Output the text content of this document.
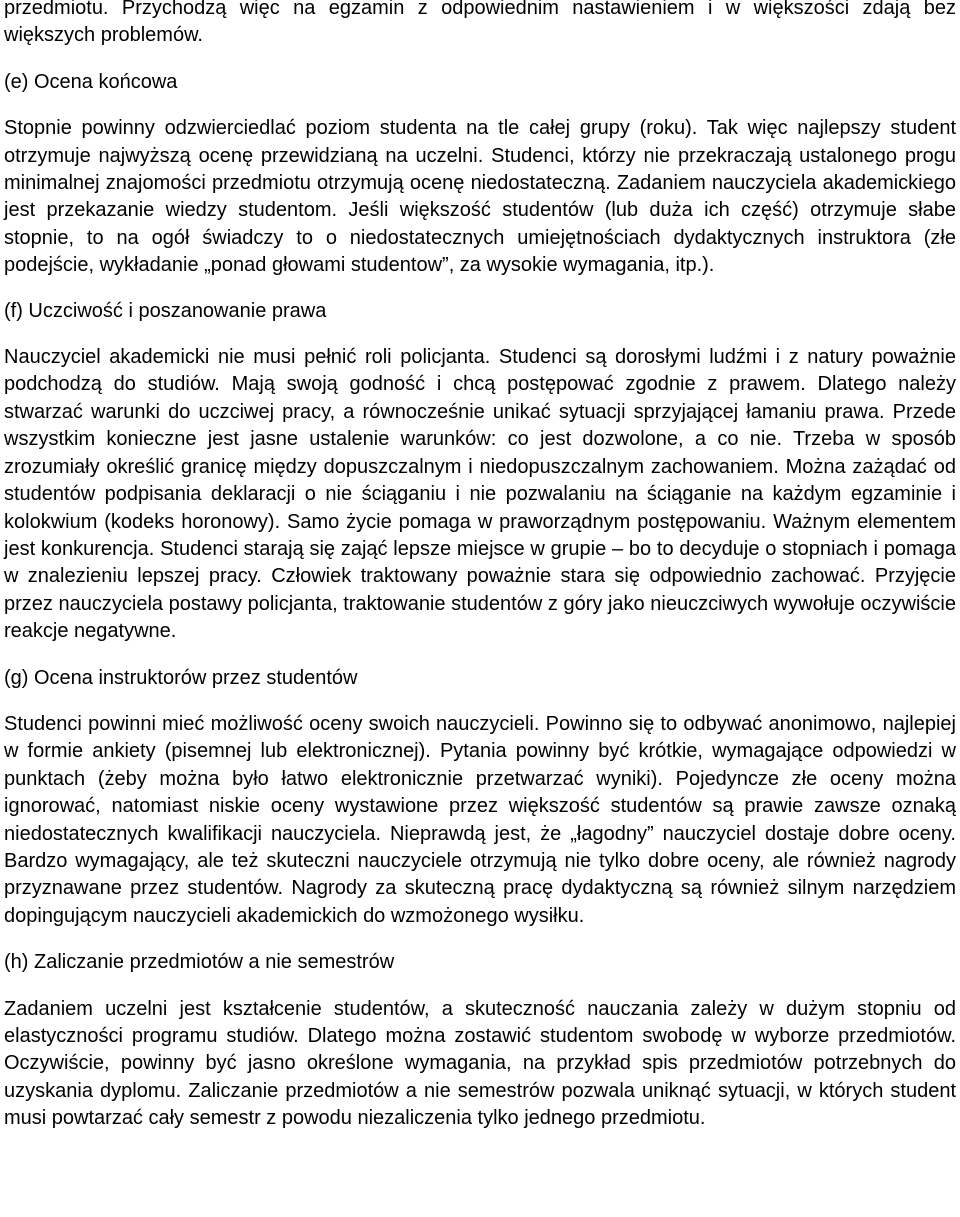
przedmiotu. Przychodzą więc na egzamin z odpowiednim nastawieniem i w większości zdają bez większych problemów.

(e) Ocena końcowa

Stopnie powinny odzwierciedlać poziom studenta na tle całej grupy (roku). Tak więc najlepszy student otrzymuje najwyższą ocenę przewidzianą na uczelni. Studenci, którzy nie przekraczają ustalonego progu minimalnej znajomości przedmiotu otrzymują ocenę niedostateczną. Zadaniem nauczyciela akademickiego jest przekazanie wiedzy studentom. Jeśli większość studentów (lub duża ich część) otrzymuje słabe stopnie, to na ogół świadczy to o niedostatecznych umiejętnościach dydaktycznych instruktora (złe podejście, wykładanie „ponad głowami studentow”, za wysokie wymagania, itp.).

(f) Uczciwość i poszanowanie prawa

Nauczyciel akademicki nie musi pełnić roli policjanta. Studenci są dorosłymi ludźmi i z natury poważnie podchodzą do studiów. Mają swoją godność i chcą postępować zgodnie z prawem. Dlatego należy stwarzać warunki do uczciwej pracy, a równocześnie unikać sytuacji sprzyjającej łamaniu prawa. Przede wszystkim konieczne jest jasne ustalenie warunków: co jest dozwolone, a co nie. Trzeba w sposób zrozumiały określić granicę między dopuszczalnym i niedopuszczalnym zachowaniem. Można zażądać od studentów podpisania deklaracji o nie ściąganiu i nie pozwalaniu na ściąganie na każdym egzaminie i kolokwium (kodeks horonowy). Samo życie pomaga w praworządnym postępowaniu. Ważnym elementem jest konkurencja. Studenci starają się zająć lepsze miejsce w grupie – bo to decyduje o stopniach i pomaga w znalezieniu lepszej pracy. Człowiek traktowany poważnie stara się odpowiednio zachować. Przyjęcie przez nauczyciela postawy policjanta, traktowanie studentów z góry jako nieuczciwych wywołuje oczywiście reakcje negatywne.

(g) Ocena instruktorów przez studentów

Studenci powinni mieć możliwość oceny swoich nauczycieli. Powinno się to odbywać anonimowo, najlepiej w formie ankiety (pisemnej lub elektronicznej). Pytania powinny być krótkie, wymagające odpowiedzi w punktach (żeby można było łatwo elektronicznie przetwarzać wyniki). Pojedyncze złe oceny można ignorować, natomiast niskie oceny wystawione przez większość studentów są prawie zawsze oznaką niedostatecznych kwalifikacji nauczyciela. Nieprawdą jest, że „łagodny” nauczyciel dostaje dobre oceny. Bardzo wymagający, ale też skuteczni nauczyciele otrzymują nie tylko dobre oceny, ale również nagrody przyznawane przez studentów. Nagrody za skuteczną pracę dydaktyczną są również silnym narzędziem dopingującym nauczycieli akademickich do wzmożonego wysiłku.

(h) Zaliczanie przedmiotów a nie semestrów

Zadaniem uczelni jest kształcenie studentów, a skuteczność nauczania zależy w dużym stopniu od elastyczności programu studiów. Dlatego można zostawić studentom swobodę w wyborze przedmiotów. Oczywiście, powinny być jasno określone wymagania, na przykład spis przedmiotów potrzebnych do uzyskania dyplomu. Zaliczanie przedmiotów a nie semestrów pozwala uniknąć sytuacji, w których student musi powtarzać cały semestr z powodu niezaliczenia tylko jednego przedmiotu.
